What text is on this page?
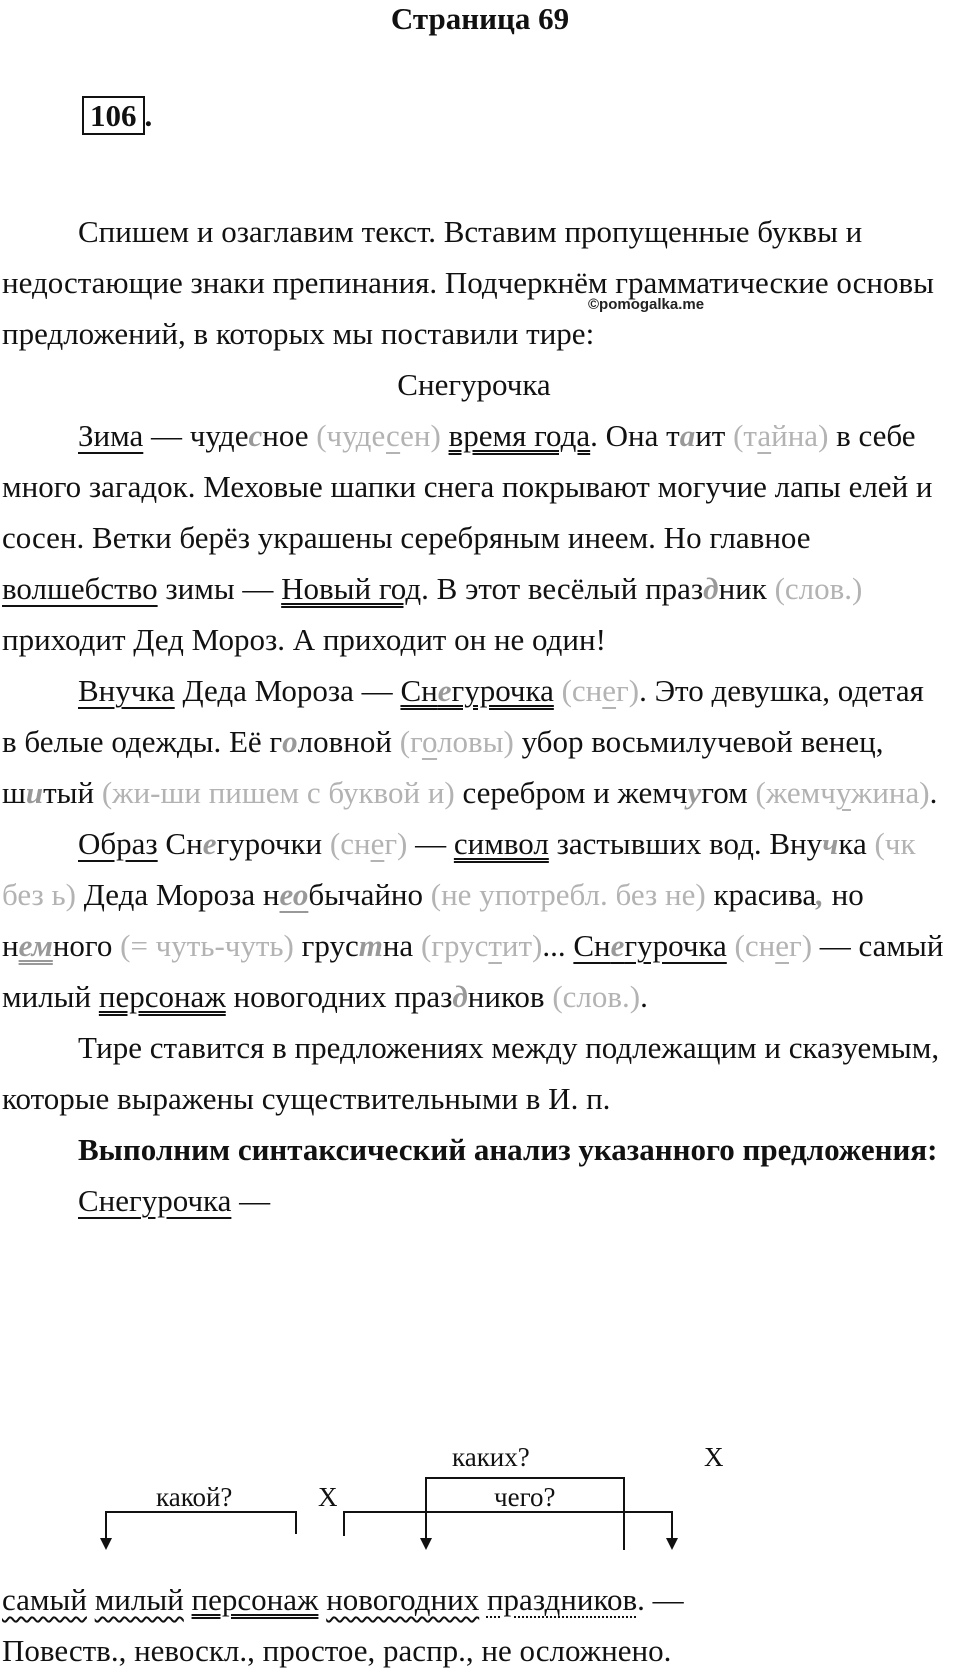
Страница 69
106 .
©pomogalka.me

Спишем и озаглавим текст. Вставим пропущенные буквы и недостающие знаки препинания. Подчеркнём грамматические основы предложений, в которых мы поставили тире:

Снегурочка

Зима — чудесное (чудесен) время года. Она таит (тайна) в себе много загадок. Меховые шапки снега покрывают могучие лапы елей и сосен. Ветки берёз украшены серебряным инеем. Но главное волшебство зимы — Новый год. В этот весёлый праздник (слов.) приходит Дед Мороз. А приходит он не один!

Внучка Деда Мороза — Снегурочка (снег). Это девушка, одетая в белые одежды. Её головной (головы) убор восьмилучевой венец, шитый (жи-ши пишем с буквой и) серебром и жемчугом (жемчужина).

Образ Снегурочки (снег) — символ застывших вод. Внучка (чк без ь) Деда Мороза необычайно (не употребл. без не) красива, но немного (= чуть-чуть) грустна (грустит)... Снегурочка (снег) — самый милый персонаж новогодних праздников (слов.).

Тире ставится в предложениях между подлежащим и сказуемым, которые выражены существительными в И. п.

Выполним синтаксический анализ указанного предложения:

Снегурочка —

какой?	X
каких?	X
чего?

самый милый персонаж новогодних праздников. —

Повеств., невоскл., простое, распр., не осложнено.
